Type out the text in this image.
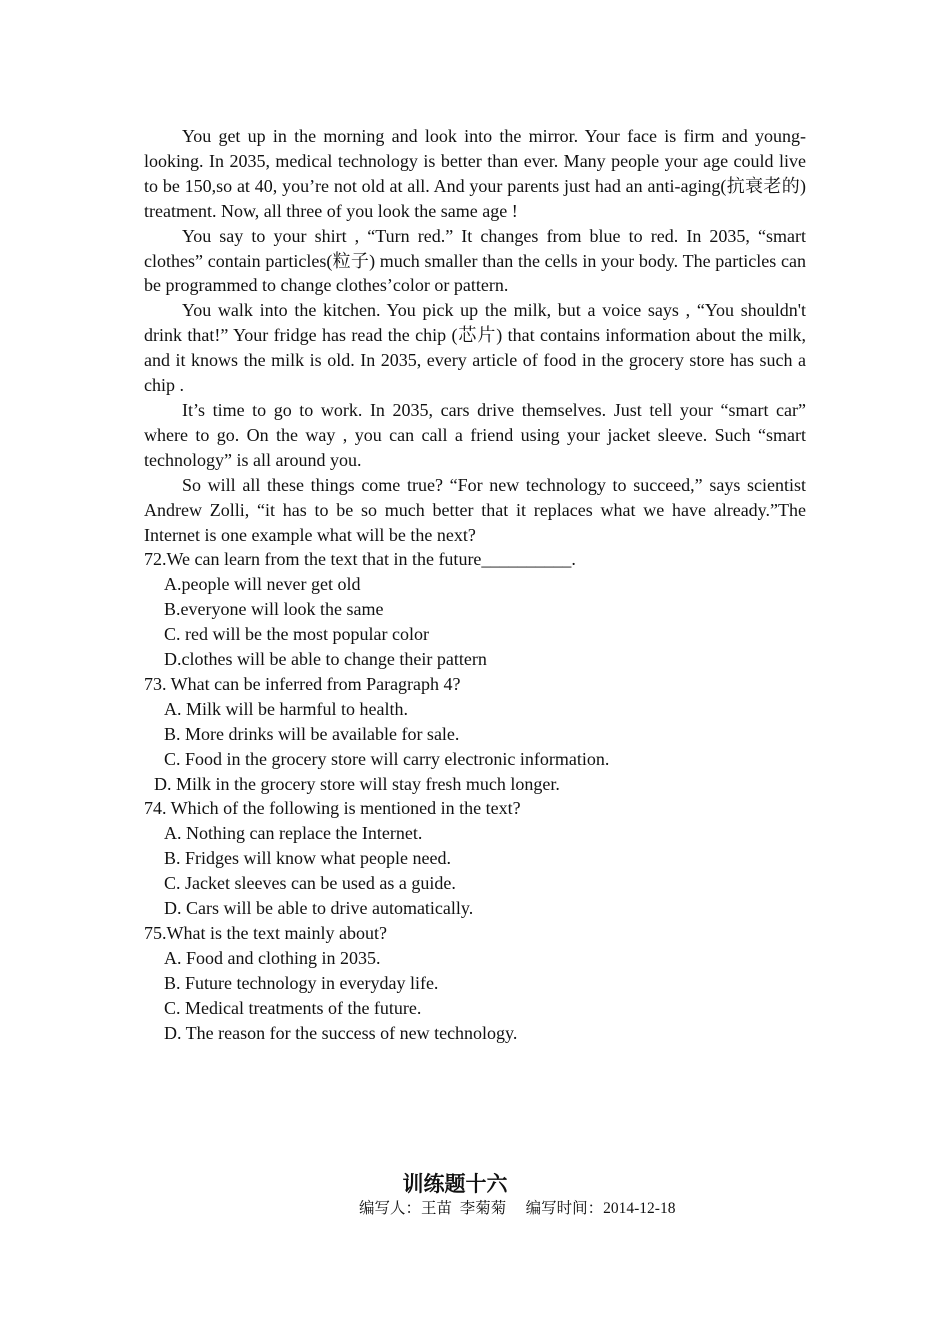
You get up in the morning and look into the mirror. Your face is firm and young-looking. In 2035, medical technology is better than ever. Many people your age could live to be 150,so at 40, you’re not old at all. And your parents just had an anti-aging(抗衰老的) treatment. Now, all three of you look the same age !

You say to your shirt , “Turn red.” It changes from blue to red. In 2035, “smart clothes” contain particles(粒子) much smaller than the cells in your body. The particles can be programmed to change clothes’color or pattern.

You walk into the kitchen. You pick up the milk, but a voice says , “You shouldn't drink that!” Your fridge has read the chip (芯片) that contains information about the milk, and it knows the milk is old. In 2035, every article of food in the grocery store has such a chip .

It’s time to go to work. In 2035, cars drive themselves. Just tell your “smart car” where to go. On the way , you can call a friend using your jacket sleeve. Such “smart technology” is all around you.

So will all these things come true? “For new technology to succeed,” says scientist Andrew Zolli, “it has to be so much better that it replaces what we have already.”The Internet is one example what will be the next?

72.We can learn from the text that in the future__________.

A.people will never get old

B.everyone will look the same

C. red will be the most popular color

D.clothes will be able to change their pattern

73. What can be inferred from Paragraph 4?

A. Milk will be harmful to health.

B. More drinks will be available for sale.

C. Food in the grocery store will carry electronic information.

D. Milk in the grocery store will stay fresh much longer.

74. Which of the following is mentioned in the text?

A. Nothing can replace the Internet.

B. Fridges will know what people need.

C. Jacket sleeves can be used as a guide.

D. Cars will be able to drive automatically.

75.What is the text mainly about?

A. Food and clothing in 2035.

B. Future technology in everyday life.

C. Medical treatments of the future.

D. The reason for the success of new technology.

训练题十六
编写人：王苗  李菊菊     编写时间：2014-12-18
